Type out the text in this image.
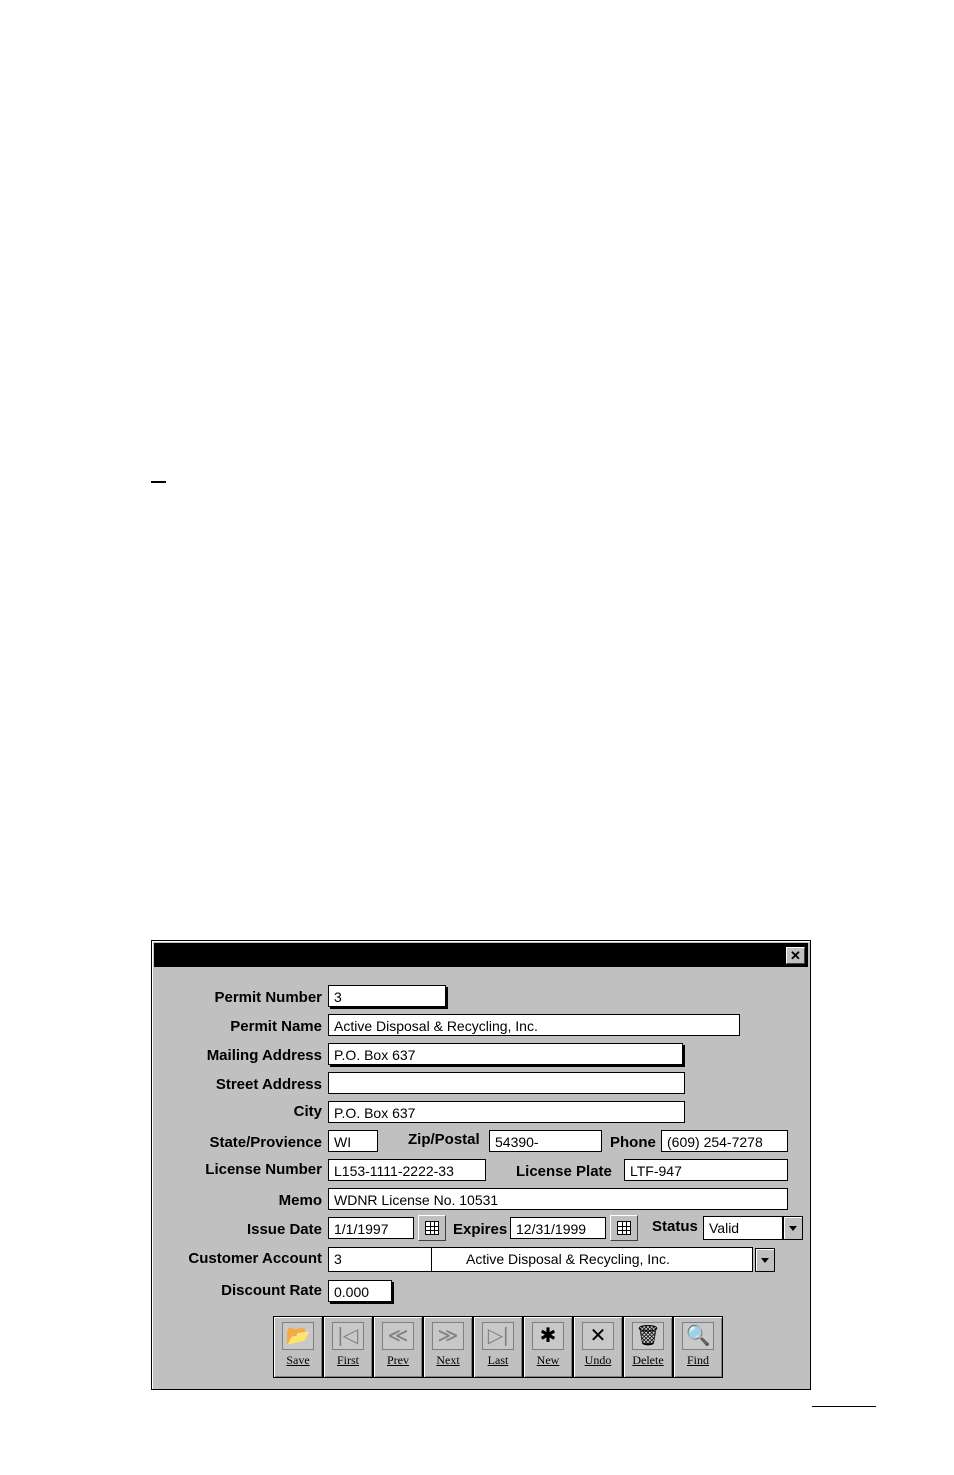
✕
Permit Number 3
Permit Name Active Disposal & Recycling, Inc.
Mailing Address P.O. Box 637
Street Address
City P.O. Box 637
State/Provience WI	Zip/Postal	54390-	Phone (609) 254-7278
License Number L153-1111-2222-33	License Plate	LTF-947
Memo WDNR License No. 10531
Issue Date 1/1/1997	Expires 12/31/1999	Status Valid
Customer Account 3	Active Disposal & Recycling, Inc.
Discount Rate 0.000
📂
Save
|◁
First
≪
Prev
≫
Next
▷|
Last
✱
New
✕
Undo
🗑
Delete
🔍
Find
